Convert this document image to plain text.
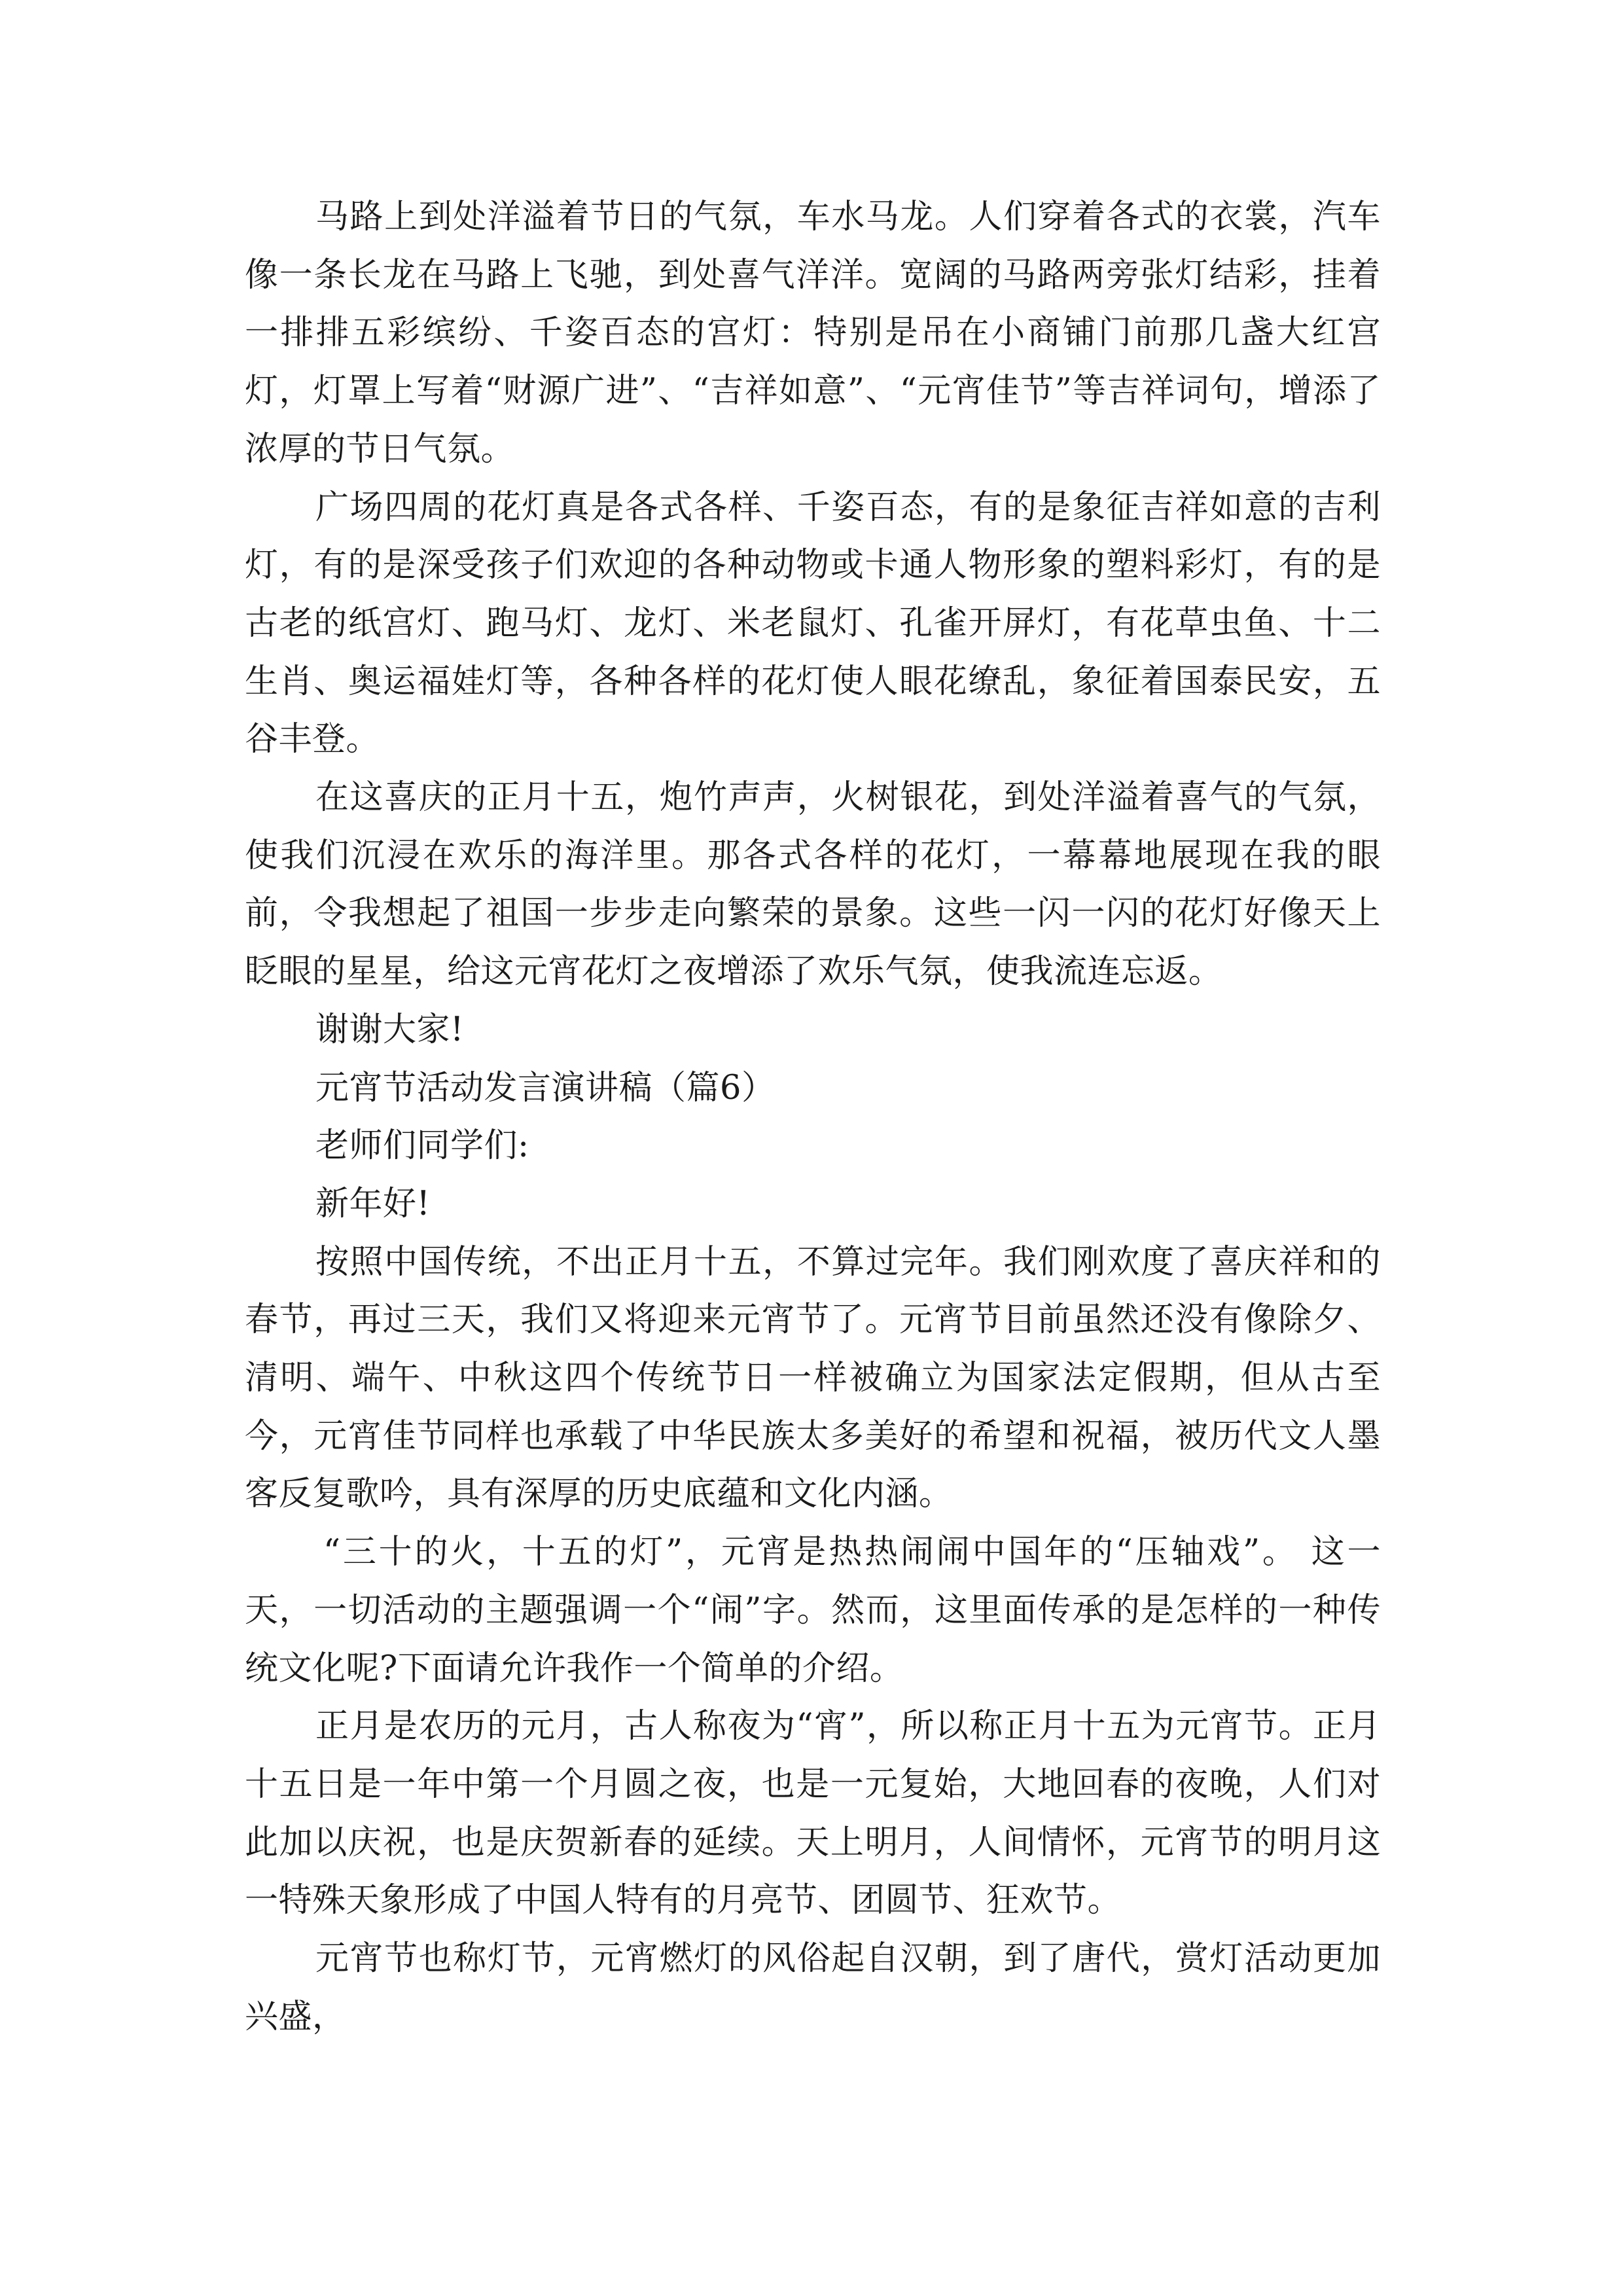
马路上到处洋溢着节日的气氛，车水马龙。人们穿着各式的衣裳，汽车像一条长龙在马路上飞驰，到处喜气洋洋。宽阔的马路两旁张灯结彩，挂着一排排五彩缤纷、千姿百态的宫灯：特别是吊在小商铺门前那几盏大红宫灯，灯罩上写着“财源广进”、“吉祥如意”、“元宵佳节”等吉祥词句，增添了浓厚的节日气氛。

广场四周的花灯真是各式各样、千姿百态，有的是象征吉祥如意的吉利灯，有的是深受孩子们欢迎的各种动物或卡通人物形象的塑料彩灯，有的是古老的纸宫灯、跑马灯、龙灯、米老鼠灯、孔雀开屏灯，有花草虫鱼、十二生肖、奥运福娃灯等，各种各样的花灯使人眼花缭乱，象征着国泰民安，五谷丰登。

在这喜庆的正月十五，炮竹声声，火树银花，到处洋溢着喜气的气氛，使我们沉浸在欢乐的海洋里。那各式各样的花灯，一幕幕地展现在我的眼前，令我想起了祖国一步步走向繁荣的景象。这些一闪一闪的花灯好像天上眨眼的星星，给这元宵花灯之夜增添了欢乐气氛，使我流连忘返。

谢谢大家!

元宵节活动发言演讲稿（篇6）

老师们同学们:

新年好!

按照中国传统，不出正月十五，不算过完年。我们刚欢度了喜庆祥和的春节，再过三天，我们又将迎来元宵节了。元宵节目前虽然还没有像除夕、清明、端午、中秋这四个传统节日一样被确立为国家法定假期，但从古至今，元宵佳节同样也承载了中华民族太多美好的希望和祝福，被历代文人墨客反复歌吟，具有深厚的历史底蕴和文化内涵。

“三十的火，十五的灯”，元宵是热热闹闹中国年的“压轴戏”。 这一天，一切活动的主题强调一个“闹”字。然而，这里面传承的是怎样的一种传统文化呢?下面请允许我作一个简单的介绍。

正月是农历的元月，古人称夜为“宵”，所以称正月十五为元宵节。正月十五日是一年中第一个月圆之夜，也是一元复始，大地回春的夜晚，人们对此加以庆祝，也是庆贺新春的延续。天上明月，人间情怀，元宵节的明月这一特殊天象形成了中国人特有的月亮节、团圆节、狂欢节。

元宵节也称灯节，元宵燃灯的风俗起自汉朝，到了唐代，赏灯活动更加兴盛，
